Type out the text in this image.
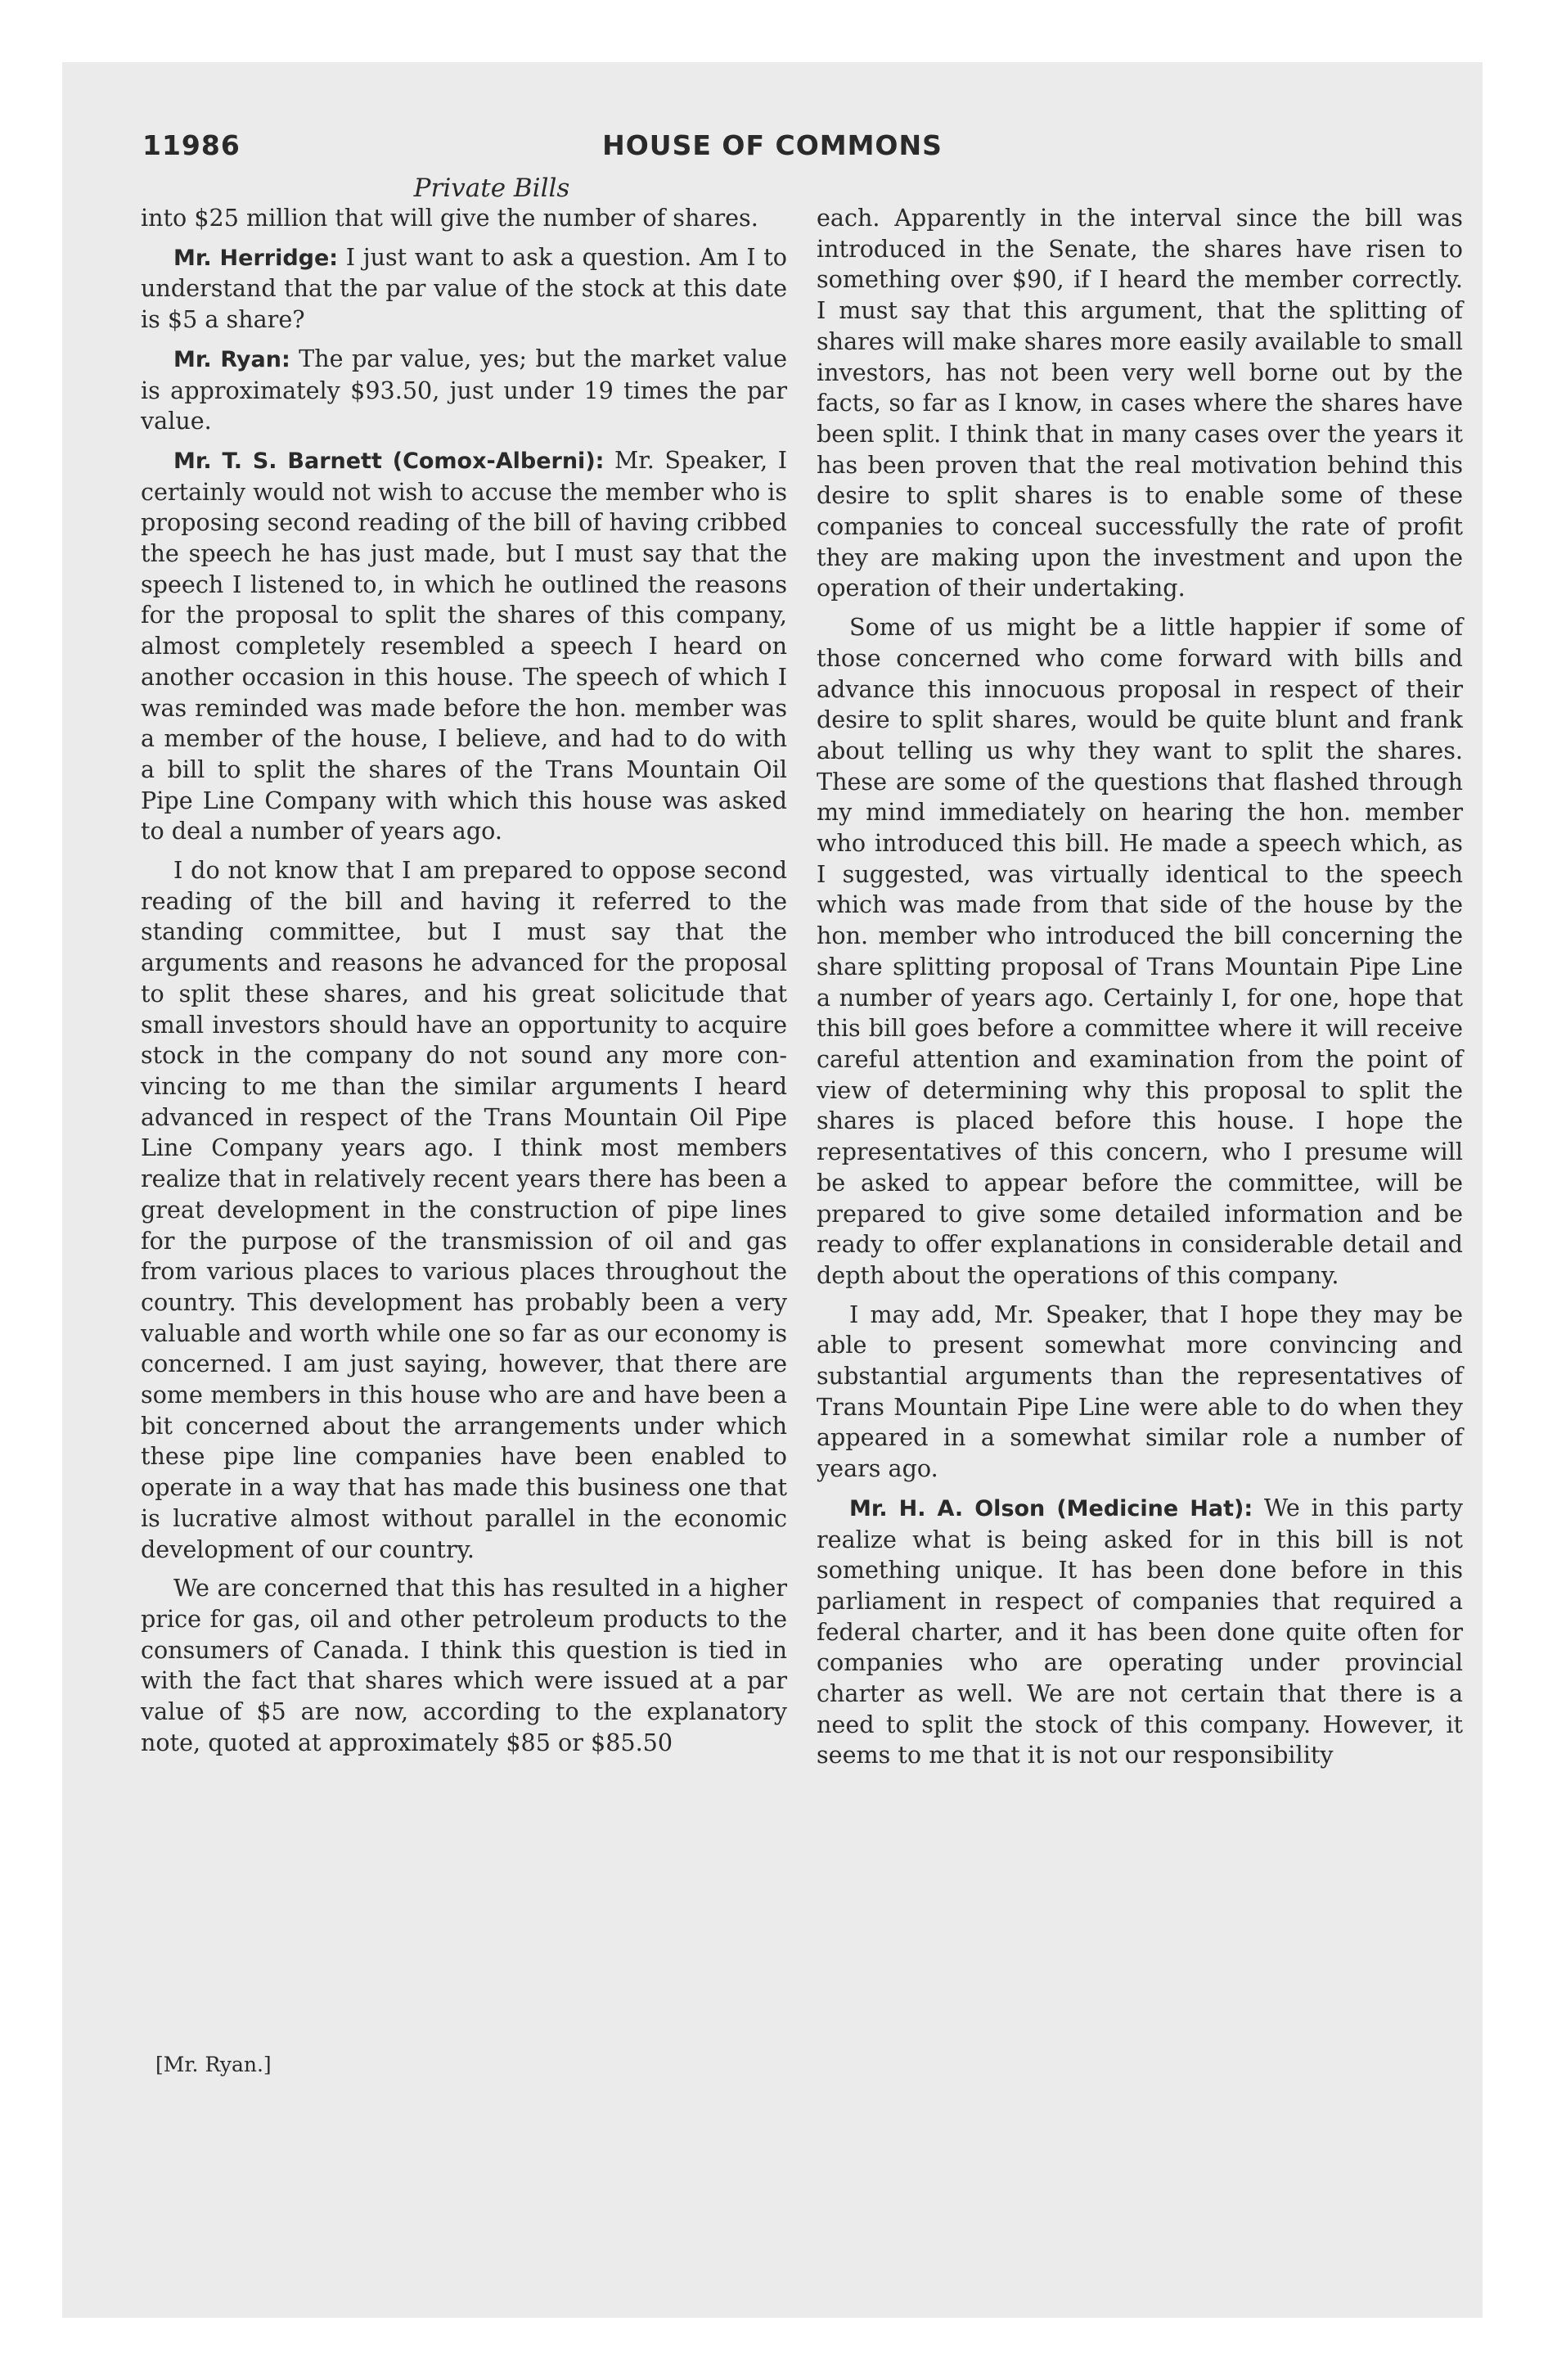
11986	HOUSE OF COMMONS
Private Bills

into $25 million that will give the number of shares.

Mr. Herridge: I just want to ask a question. Am I to understand that the par value of the stock at this date is $5 a share?

Mr. Ryan: The par value, yes; but the market value is approximately $93.50, just under 19 times the par value.

Mr. T. S. Barnett (Comox-Alberni): Mr. Speaker, I certainly would not wish to accuse the member who is proposing second reading of the bill of having cribbed the speech he has just made, but I must say that the speech I listened to, in which he outlined the reasons for the proposal to split the shares of this company, almost completely resembled a speech I heard on another occasion in this house. The speech of which I was reminded was made before the hon. member was a member of the house, I believe, and had to do with a bill to split the shares of the Trans Mountain Oil Pipe Line Company with which this house was asked to deal a number of years ago.

I do not know that I am prepared to oppose second reading of the bill and having it referred to the standing committee, but I must say that the arguments and reasons he advanced for the proposal to split these shares, and his great solicitude that small investors should have an opportunity to acquire stock in the company do not sound any more convincing to me than the similar arguments I heard advanced in respect of the Trans Mountain Oil Pipe Line Company years ago. I think most members realize that in relatively recent years there has been a great development in the construction of pipe lines for the purpose of the transmission of oil and gas from various places to various places throughout the country. This development has probably been a very valuable and worth while one so far as our economy is concerned. I am just saying, however, that there are some members in this house who are and have been a bit concerned about the arrangements under which these pipe line companies have been enabled to operate in a way that has made this business one that is lucrative almost without parallel in the economic development of our country.

We are concerned that this has resulted in a higher price for gas, oil and other petroleum products to the consumers of Canada. I think this question is tied in with the fact that shares which were issued at a par value of $5 are now, according to the explanatory note, quoted at approximately $85 or $85.50

each. Apparently in the interval since the bill was introduced in the Senate, the shares have risen to something over $90, if I heard the member correctly. I must say that this argument, that the splitting of shares will make shares more easily available to small investors, has not been very well borne out by the facts, so far as I know, in cases where the shares have been split. I think that in many cases over the years it has been proven that the real motivation behind this desire to split shares is to enable some of these companies to conceal successfully the rate of profit they are making upon the investment and upon the operation of their undertaking.

Some of us might be a little happier if some of those concerned who come forward with bills and advance this innocuous proposal in respect of their desire to split shares, would be quite blunt and frank about telling us why they want to split the shares. These are some of the questions that flashed through my mind immediately on hearing the hon. member who introduced this bill. He made a speech which, as I suggested, was virtually identical to the speech which was made from that side of the house by the hon. member who introduced the bill concerning the share splitting proposal of Trans Mountain Pipe Line a number of years ago. Certainly I, for one, hope that this bill goes before a committee where it will receive careful attention and examination from the point of view of determining why this proposal to split the shares is placed before this house. I hope the representatives of this concern, who I presume will be asked to appear before the committee, will be prepared to give some detailed information and be ready to offer explanations in considerable detail and depth about the operations of this company.

I may add, Mr. Speaker, that I hope they may be able to present somewhat more convincing and substantial arguments than the representatives of Trans Mountain Pipe Line were able to do when they appeared in a somewhat similar role a number of years ago.

Mr. H. A. Olson (Medicine Hat): We in this party realize what is being asked for in this bill is not something unique. It has been done before in this parliament in respect of companies that required a federal charter, and it has been done quite often for companies who are operating under provincial charter as well. We are not certain that there is a need to split the stock of this company. However, it seems to me that it is not our responsibility

[Mr. Ryan.]
